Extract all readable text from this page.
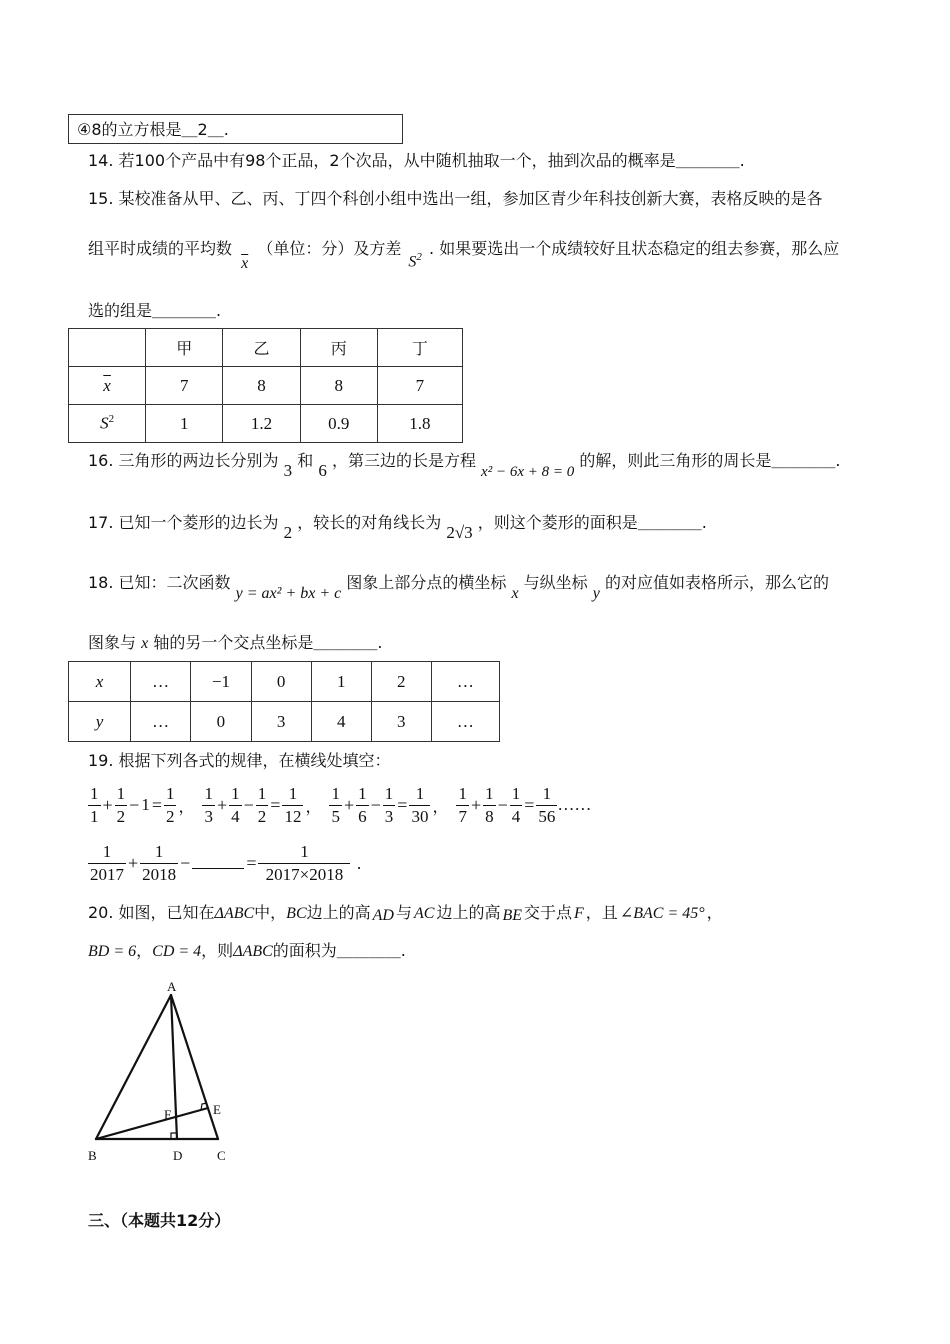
④8的立方根是＿2＿.
14. 若100个产品中有98个正品，2个次品，从中随机抽取一个，抽到次品的概率是＿＿＿＿.
15. 某校准备从甲、乙、丙、丁四个科创小组中选出一组，参加区青少年科技创新大赛，表格反映的是各
组平时成绩的平均数 $\overline{x}$ （单位：分）及方差 $S^2$ . 如果要选出一个成绩较好且状态稳定的组去参赛，那么应
选的组是＿＿＿＿.
	甲	乙	丙	丁
$\overline{x}$	7	8	8	7
$S^2$	1	1.2	0.9	1.8
16. 三角形的两边长分别为 3 和 6 ，第三边的长是方程 x² − 6x + 8 = 0 的解，则此三角形的周长是＿＿＿＿.
17. 已知一个菱形的边长为 2 ，较长的对角线长为 2√3 ，则这个菱形的面积是＿＿＿＿.
18. 已知：二次函数 y = ax² + bx + c 图象上部分点的横坐标 x 与纵坐标 y 的对应值如表格所示，那么它的
图象与 x 轴的另一个交点坐标是＿＿＿＿.
x	…	−1	0	1	2	…
y	…	0	3	4	3	…
19. 根据下列各式的规律，在横线处填空：
$\frac{1}{1} + \frac{1}{2} - 1 = \frac{1}{2}$ ， $\frac{1}{3} + \frac{1}{4} - \frac{1}{2} = \frac{1}{12}$ ， $\frac{1}{5} + \frac{1}{6} - \frac{1}{3} = \frac{1}{30}$ ， $\frac{1}{7} + \frac{1}{8} - \frac{1}{4} = \frac{1}{56}$ ……
$\frac{1}{2017} + \frac{1}{2018}$ −	= $\frac{1}{2017\times 2018}$ .
20. 如图，已知在ΔABC中，BC边上的高 AD 与 AC 边上的高 BE 交于点 F ，且 ∠BAC = 45° ，
BD = 6，CD = 4，则ΔABC的面积为＿＿＿＿.
A
B	C
D
E
F
三、（本题共12分）
